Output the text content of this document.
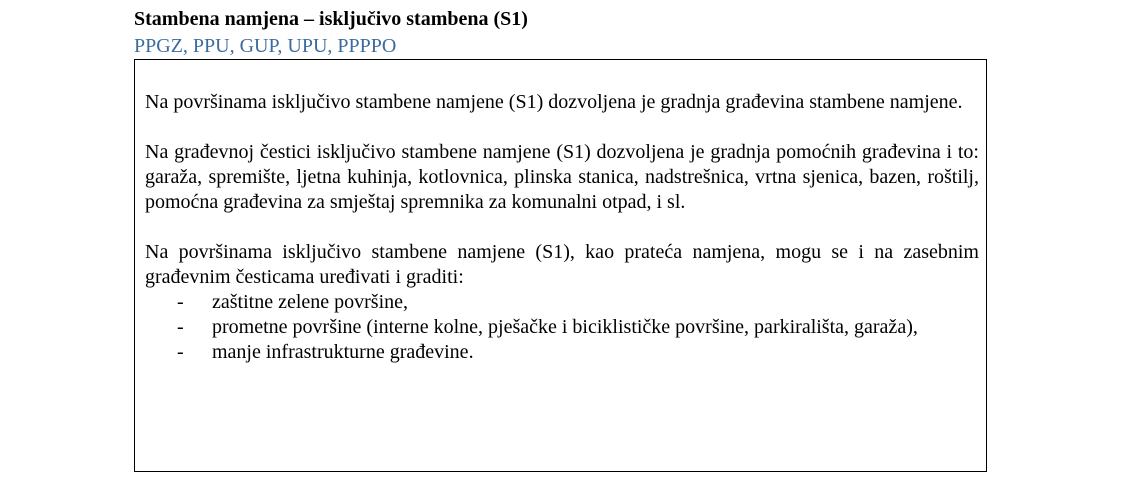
Stambena namjena – isključivo stambena (S1)
PPGZ, PPU, GUP, UPU, PPPPO

Na površinama isključivo stambene namjene (S1) dozvoljena je gradnja građevina stambene namjene.

Na građevnoj čestici isključivo stambene namjene (S1) dozvoljena je gradnja pomoćnih građevina i to: garaža, spremište, ljetna kuhinja, kotlovnica, plinska stanica, nadstrešnica, vrtna sjenica, bazen, roštilj, pomoćna građevina za smještaj spremnika za komunalni otpad, i sl.

Na površinama isključivo stambene namjene (S1), kao prateća namjena, mogu se i na zasebnim građevnim česticama uređivati i graditi:

- zaštitne zelene površine,
- prometne površine (interne kolne, pješačke i biciklističke površine, parkirališta, garaža),
- manje infrastrukturne građevine.
